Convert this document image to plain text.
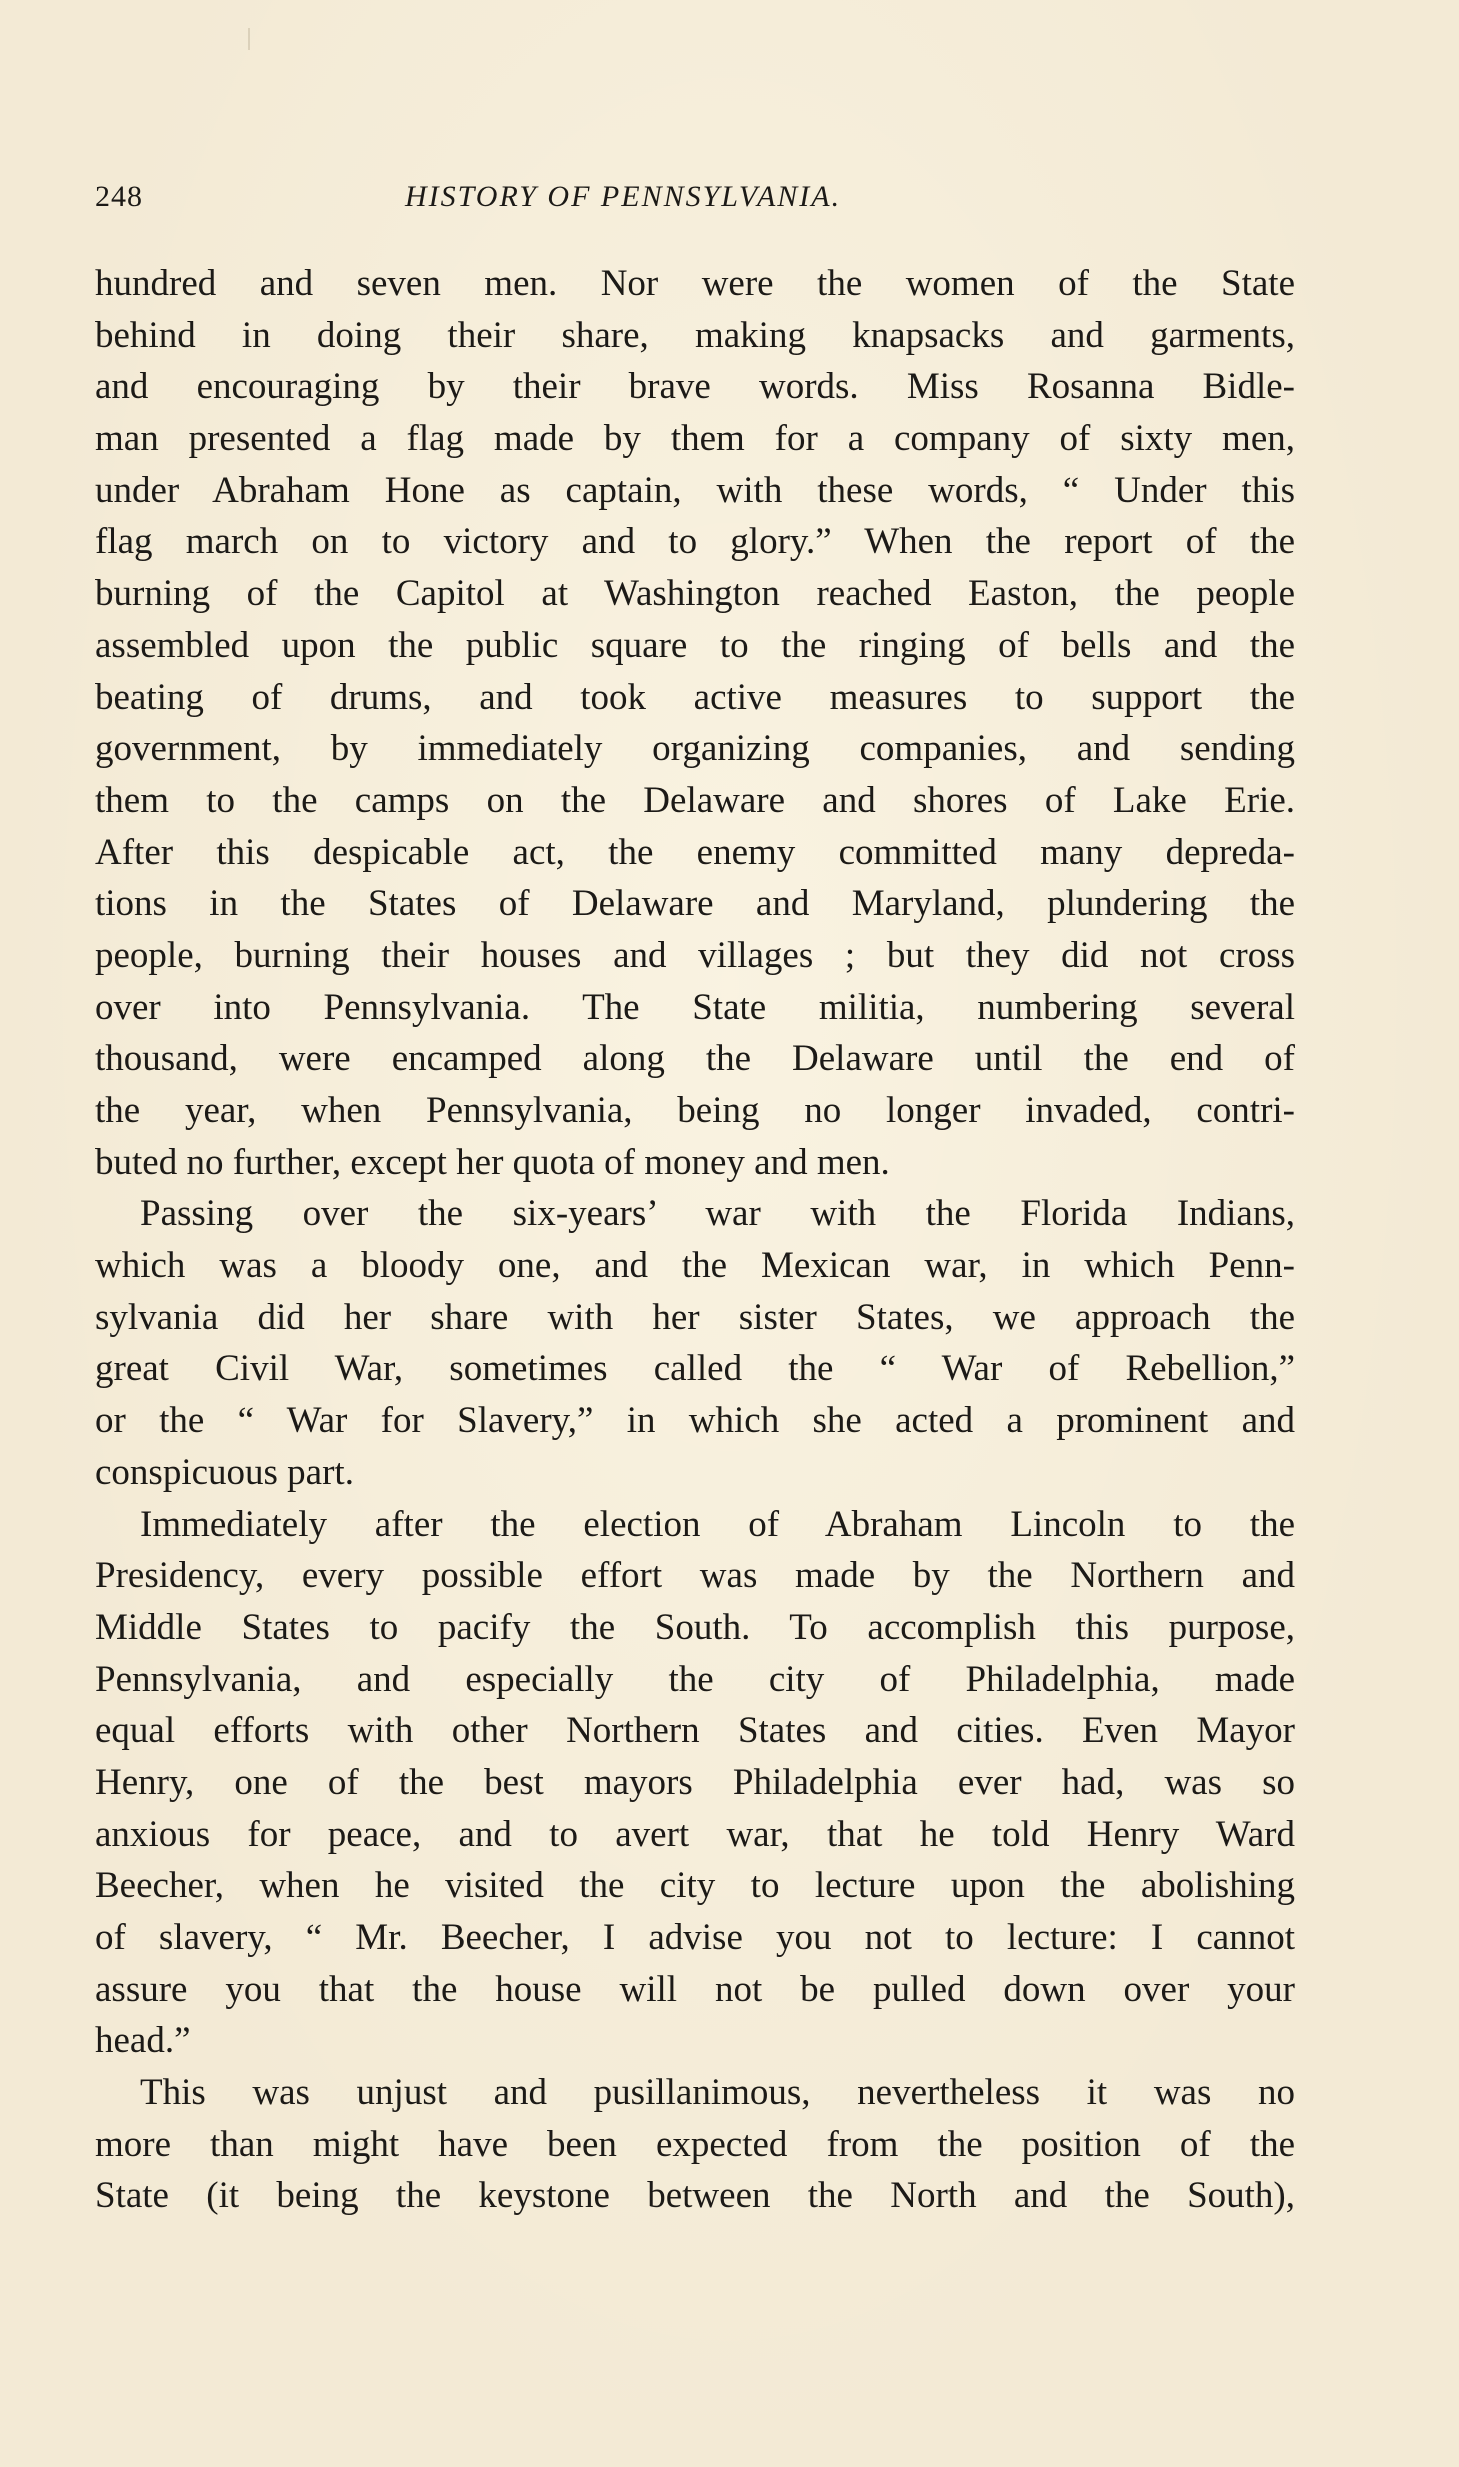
248	HISTORY OF PENNSYLVANIA.
hundred and seven men. Nor were the women of the State
behind in doing their share, making knapsacks and garments,
and encouraging by their brave words. Miss Rosanna Bidle-
man presented a flag made by them for a company of sixty men,
under Abraham Hone as captain, with these words, “ Under this
flag march on to victory and to glory.” When the report of the
burning of the Capitol at Washington reached Easton, the people
assembled upon the public square to the ringing of bells and the
beating of drums, and took active measures to support the
government, by immediately organizing companies, and sending
them to the camps on the Delaware and shores of Lake Erie.
After this despicable act, the enemy committed many depreda-
tions in the States of Delaware and Maryland, plundering the
people, burning their houses and villages ; but they did not cross
over into Pennsylvania. The State militia, numbering several
thousand, were encamped along the Delaware until the end of
the year, when Pennsylvania, being no longer invaded, contri-
buted no further, except her quota of money and men.
Passing over the six-years’ war with the Florida Indians,
which was a bloody one, and the Mexican war, in which Penn-
sylvania did her share with her sister States, we approach the
great Civil War, sometimes called the “ War of Rebellion,”
or the “ War for Slavery,” in which she acted a prominent and
conspicuous part.
Immediately after the election of Abraham Lincoln to the
Presidency, every possible effort was made by the Northern and
Middle States to pacify the South. To accomplish this purpose,
Pennsylvania, and especially the city of Philadelphia, made
equal efforts with other Northern States and cities. Even Mayor
Henry, one of the best mayors Philadelphia ever had, was so
anxious for peace, and to avert war, that he told Henry Ward
Beecher, when he visited the city to lecture upon the abolishing
of slavery, “ Mr. Beecher, I advise you not to lecture: I cannot
assure you that the house will not be pulled down over your
head.”
This was unjust and pusillanimous, nevertheless it was no
more than might have been expected from the position of the
State (it being the keystone between the North and the South),
